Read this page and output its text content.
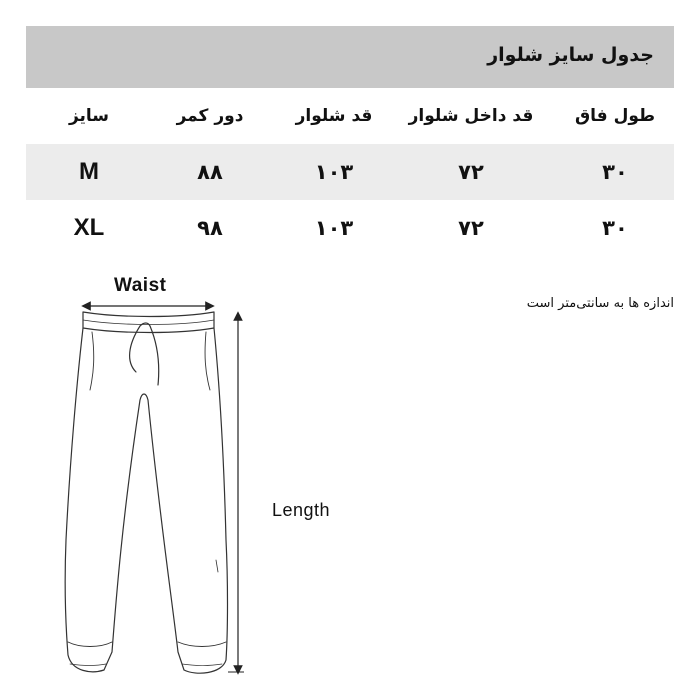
جدول سایز شلوار
طول فاق
قد داخل شلوار
قد شلوار
دور کمر
سایز
۳۰
۷۲
۱۰۳
۸۸
M
۳۰
۷۲
۱۰۳
۹۸
XL
اندازه ها به سانتی‌متر است
Waist
Length
